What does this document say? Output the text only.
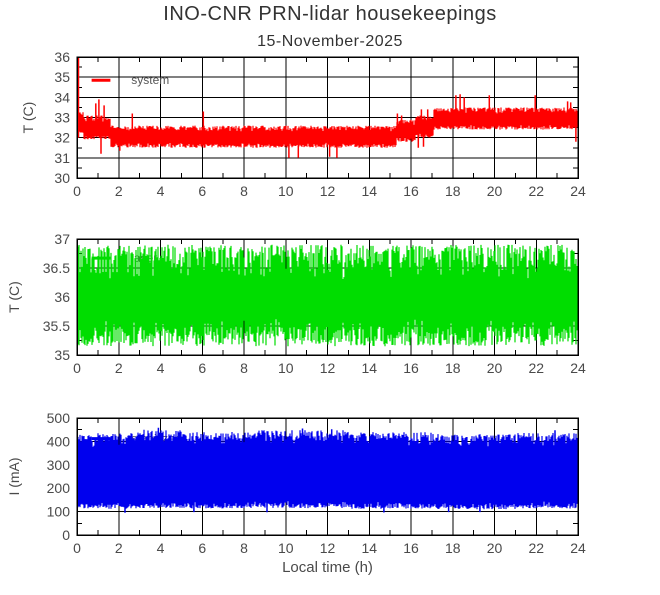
INO-CNR PRN-lidar housekeepings
15-November-2025
system
0 2 4 6 8 10 12 14 16 18 20 22 24
30
31
32
33
34
35
36
T (C)
laser
0 2 4 6 8 10 12 14 16 18 20 22 24
35
35.5
36
36.5
37
T (C)
stabilizer
0 2 4 6 8 10 12 14 16 18 20 22 24
0
100
200
300
400
500
I (mA)
Local time (h)
